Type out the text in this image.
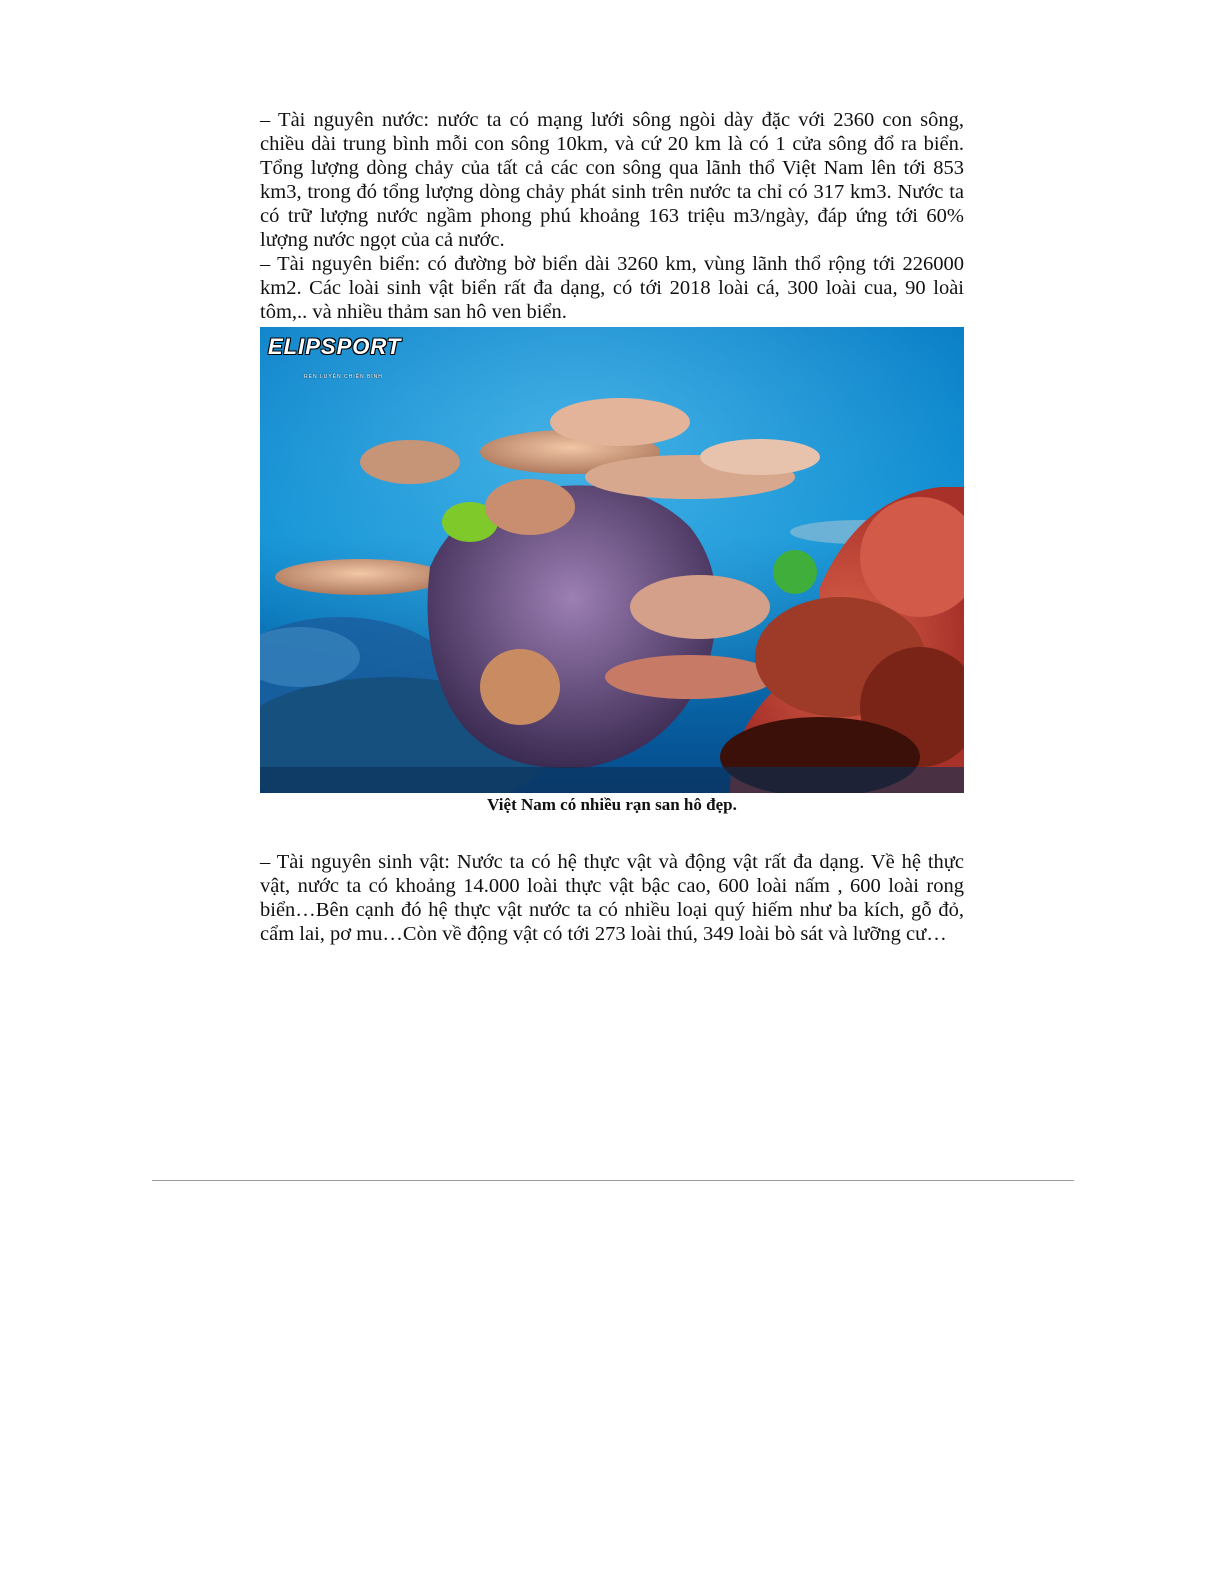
– Tài nguyên nước: nước ta có mạng lưới sông ngòi dày đặc với 2360 con sông, chiều dài trung bình mỗi con sông 10km, và cứ 20 km là có 1 cửa sông đổ ra biển. Tổng lượng dòng chảy của tất cả các con sông qua lãnh thổ Việt Nam lên tới 853 km3, trong đó tổng lượng dòng chảy phát sinh trên nước ta chỉ có 317 km3. Nước ta có trữ lượng nước ngầm phong phú khoảng 163 triệu m3/ngày, đáp ứng tới 60% lượng nước ngọt của cả nước.

– Tài nguyên biển: có đường bờ biển dài 3260 km, vùng lãnh thổ rộng tới 226000 km2. Các loài sinh vật biển rất đa dạng, có tới 2018 loài cá, 300 loài cua, 90 loài tôm,.. và nhiều thảm san hô ven biển.

ELIPSPORT
RÈN LUYỆN CHIẾN BINH

Việt Nam có nhiều rạn san hô đẹp.

– Tài nguyên sinh vật: Nước ta có hệ thực vật và động vật rất đa dạng. Về hệ thực vật, nước ta có khoảng 14.000 loài thực vật bậc cao, 600 loài nấm , 600 loài rong biển…Bên cạnh đó hệ thực vật nước ta có nhiều loại quý hiếm như ba kích, gỗ đỏ, cẩm lai, pơ mu…Còn về động vật có tới 273 loài thú, 349 loài bò sát và lưỡng cư…
